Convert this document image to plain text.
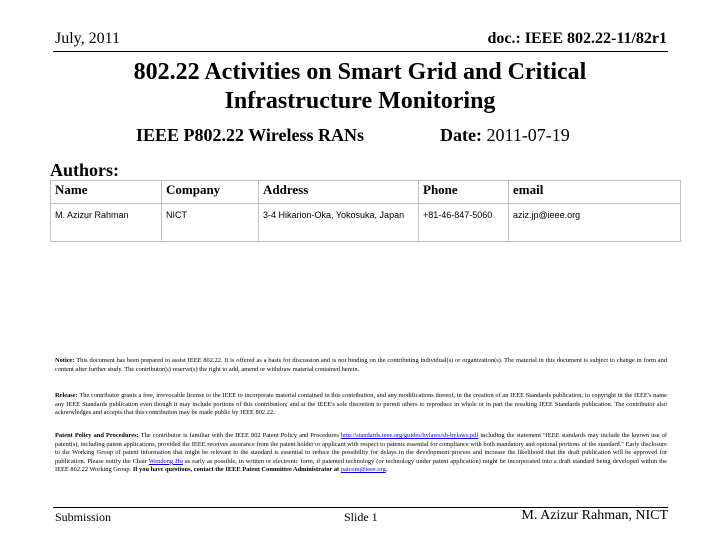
July, 2011	doc.: IEEE 802.22-11/82r1
802.22 Activities on Smart Grid and Critical Infrastructure Monitoring
IEEE P802.22 Wireless RANs	Date: 2011-07-19
Authors:
Name	Company	Address	Phone	email
M. Azizur Rahman	NICT	3-4 Hikarion-Oka, Yokosuka, Japan	+81-46-847-5060	aziz.jp@ieee.org
Notice: This document has been prepared to assist IEEE 802.22. It is offered as a basis for discussion and is not binding on the contributing individual(s) or organization(s). The material in this document is subject to change in form and content after further study. The contributor(s) reserve(s) the right to add, amend or withdraw material contained herein.
Release: The contributor grants a free, irrevocable license to the IEEE to incorporate material contained in this contribution, and any modifications thereof, in the creation of an IEEE Standards publication; to copyright in the IEEE's name any IEEE Standards publication even though it may include portions of this contribution; and at the IEEE's sole discretion to permit others to reproduce in whole or in part the resulting IEEE Standards publication. The contributor also acknowledges and accepts that this contribution may be made public by IEEE 802.22.
Patent Policy and Procedures: The contributor is familiar with the IEEE 802 Patent Policy and Procedures http://standards.ieee.org/guides/bylaws/sb-bylaws.pdf including the statement "IEEE standards may include the known use of patent(s), including patent applications, provided the IEEE receives assurance from the patent holder or applicant with respect to patents essential for compliance with both mandatory and optional portions of the standard." Early disclosure to the Working Group of patent information that might be relevant to the standard is essential to reduce the possibility for delays in the development process and increase the likelihood that the draft publication will be approved for publication. Please notify the Chair Wendong Hu as early as possible, in written or electronic form, if patented technology (or technology under patent application) might be incorporated into a draft standard being developed within the IEEE 802.22 Working Group. If you have questions, contact the IEEE Patent Committee Administrator at patcom@ieee.org.
Submission	Slide 1	M. Azizur Rahman, NICT
